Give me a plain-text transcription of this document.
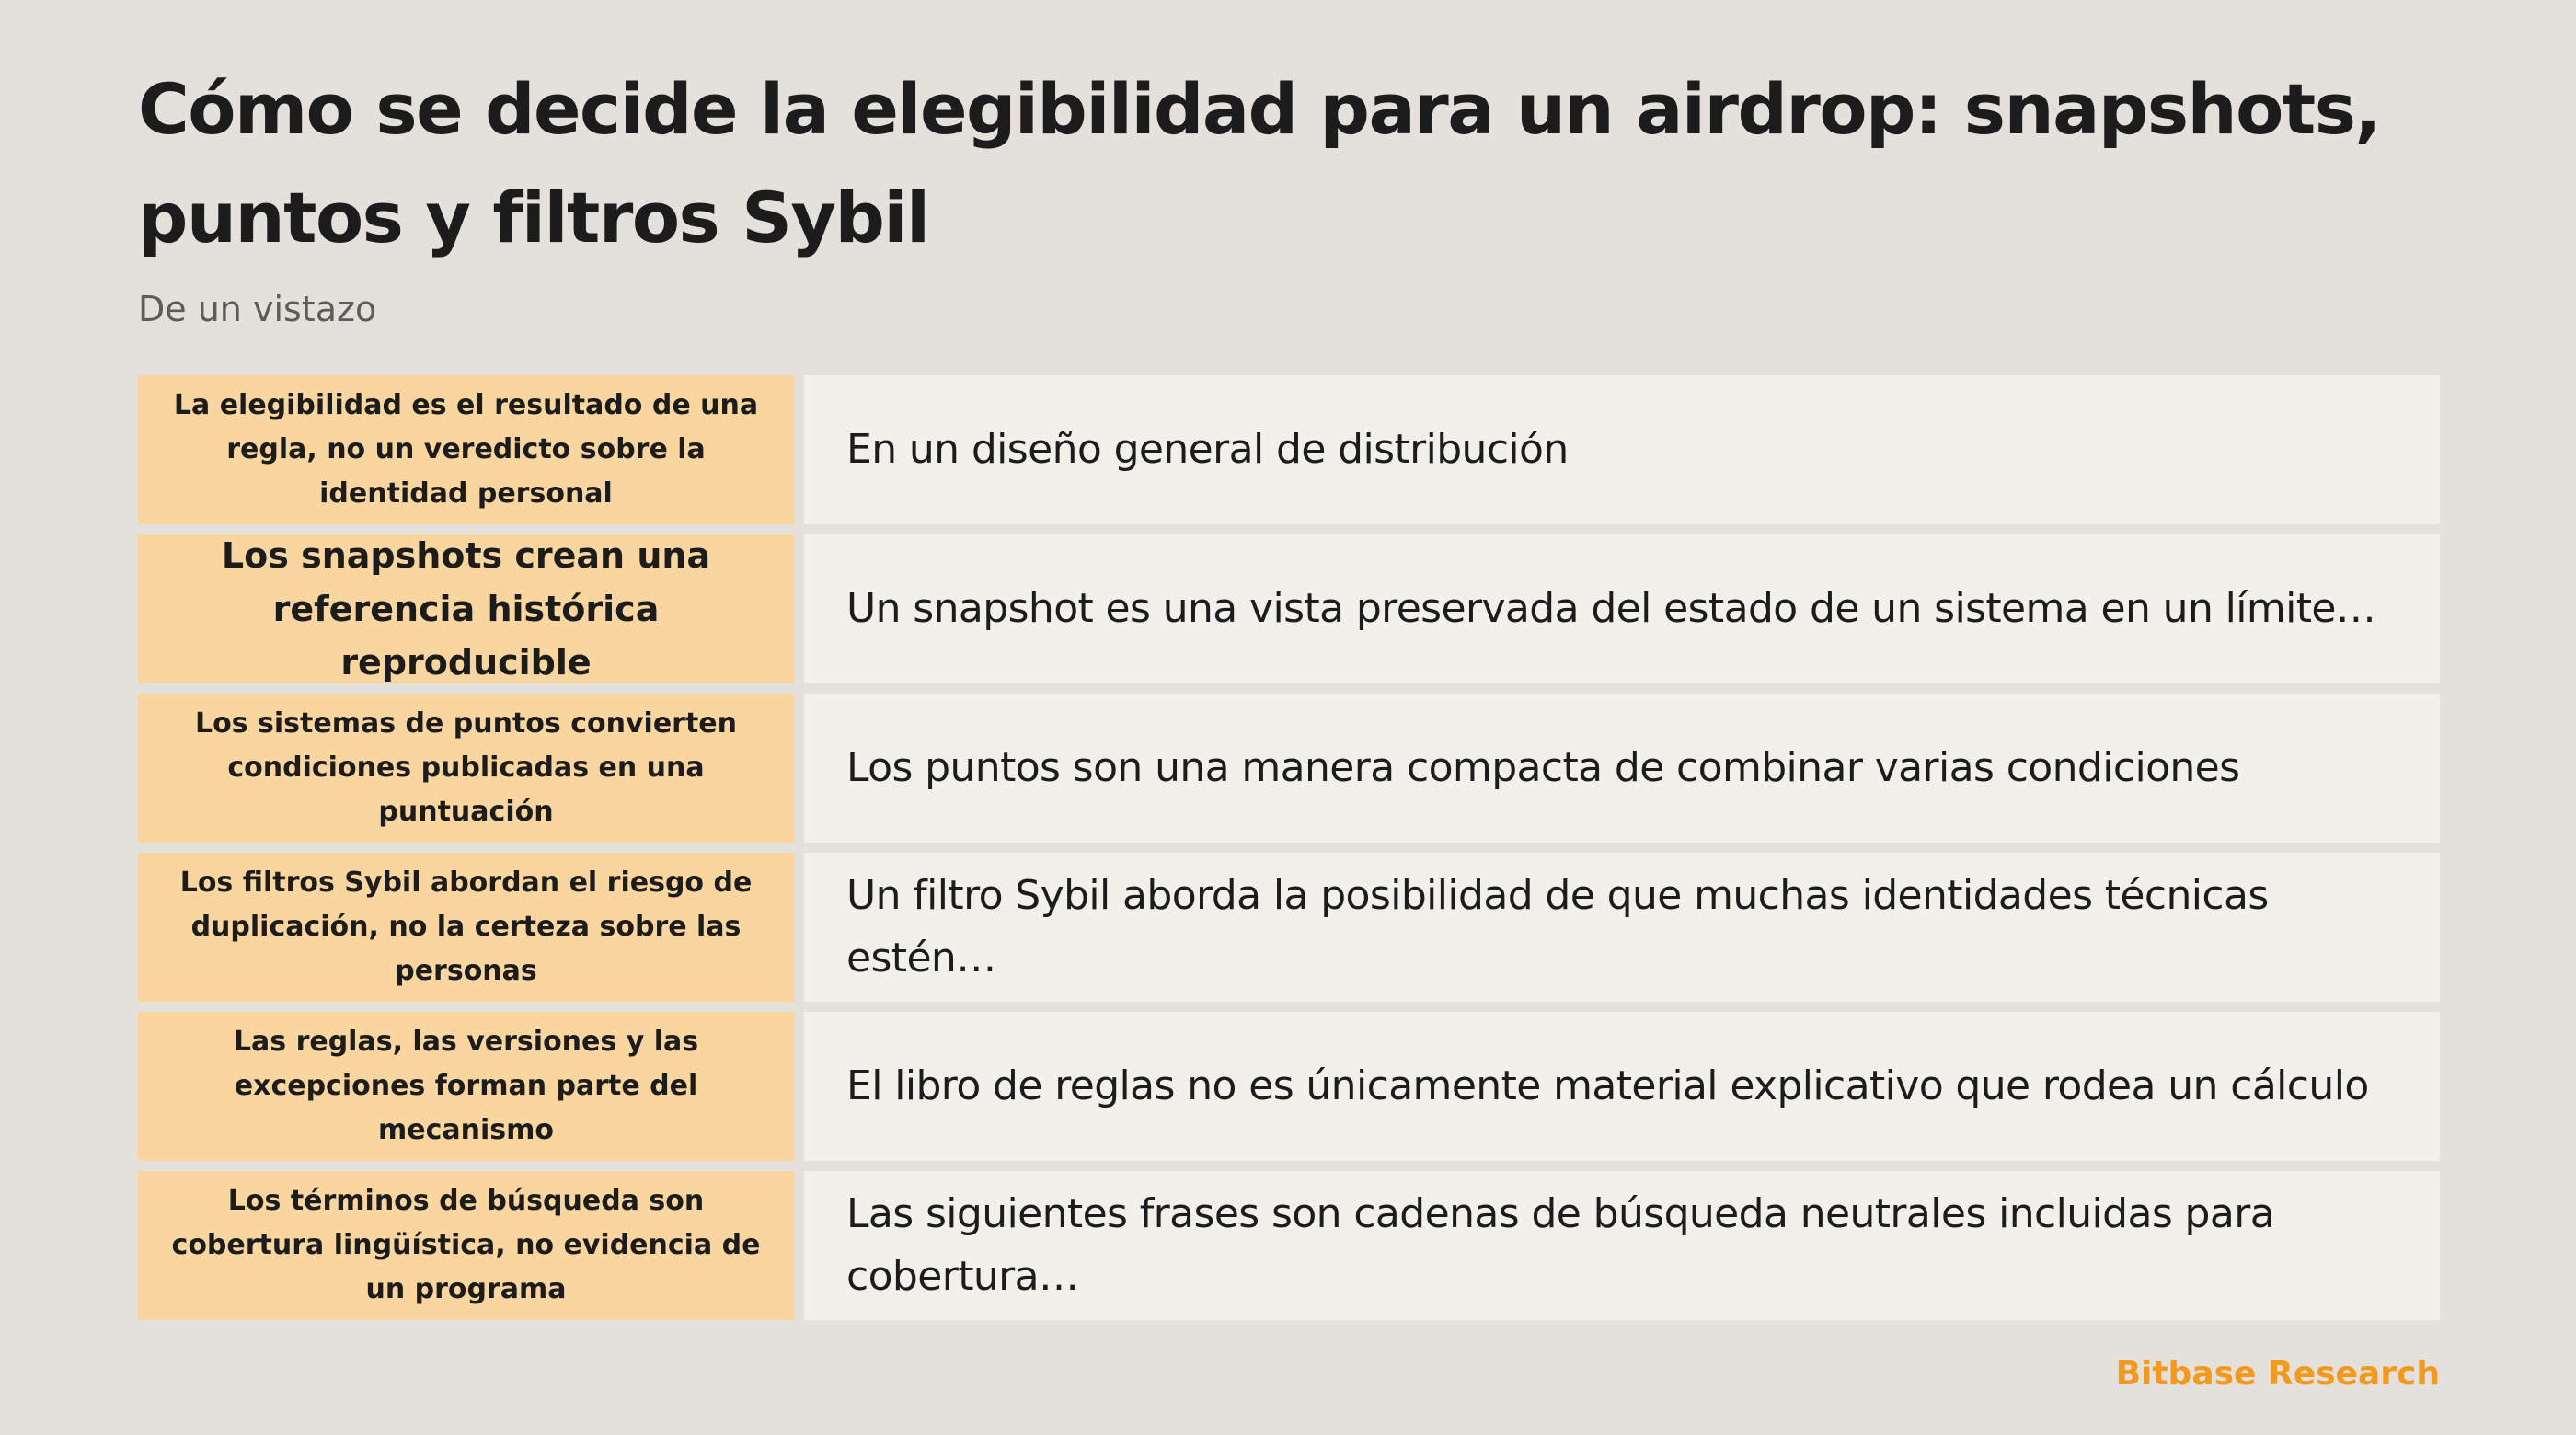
Cómo se decide la elegibilidad para un airdrop: snapshots, puntos y filtros Sybil

De un vistazo

La elegibilidad es el resultado de una regla, no un veredicto sobre la identidad personal
En un diseño general de distribución
Los snapshots crean una referencia histórica reproducible
Un snapshot es una vista preservada del estado de un sistema en un límite…
Los sistemas de puntos convierten condiciones publicadas en una puntuación
Los puntos son una manera compacta de combinar varias condiciones
Los filtros Sybil abordan el riesgo de duplicación, no la certeza sobre las personas
Un filtro Sybil aborda la posibilidad de que muchas identidades técnicas estén…
Las reglas, las versiones y las excepciones forman parte del mecanismo
El libro de reglas no es únicamente material explicativo que rodea un cálculo
Los términos de búsqueda son cobertura lingüística, no evidencia de un programa
Las siguientes frases son cadenas de búsqueda neutrales incluidas para cobertura…

Bitbase Research
